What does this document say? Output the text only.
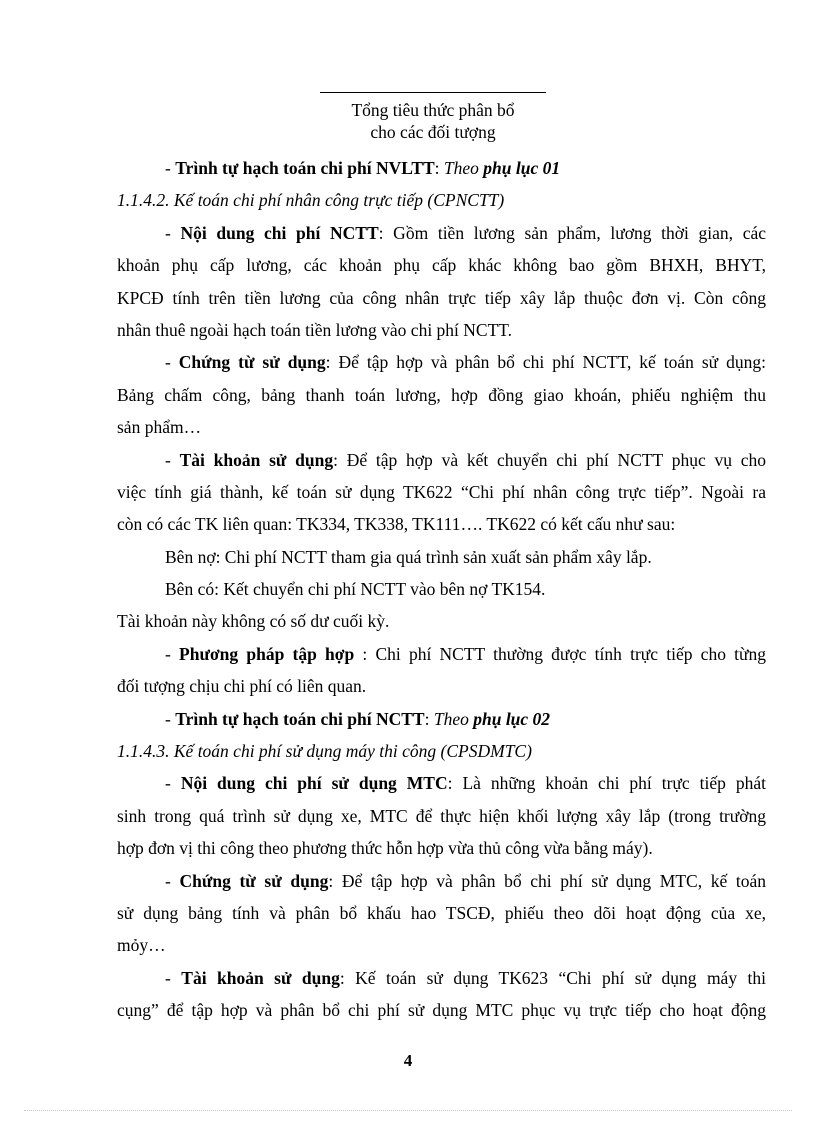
Tổng tiêu thức phân bổ
cho các đối tượng
- Trình tự hạch toán chi phí NVLTT: Theo phụ lục 01
1.1.4.2. Kế toán chi phí nhân công trực tiếp (CPNCTT)
- Nội dung chi phí NCTT: Gồm tiền lương sản phẩm, lương thời gian, các
khoản phụ cấp lương, các khoản phụ cấp khác không bao gồm BHXH, BHYT,
KPCĐ tính trên tiền lương của công nhân trực tiếp xây lắp thuộc đơn vị. Còn công
nhân thuê ngoài hạch toán tiền lương vào chi phí NCTT.
- Chứng từ sử dụng: Để tập hợp và phân bổ chi phí NCTT, kế toán sử dụng:
Bảng chấm công, bảng thanh toán lương, hợp đồng giao khoán, phiếu nghiệm thu
sản phẩm…
- Tài khoản sử dụng: Để tập hợp và kết chuyển chi phí NCTT phục vụ cho
việc tính giá thành, kế toán sử dụng TK622 “Chi phí nhân công trực tiếp”. Ngoài ra
còn có các TK liên quan: TK334, TK338, TK111…. TK622 có kết cấu như sau:
Bên nợ: Chi phí NCTT tham gia quá trình sản xuất sản phẩm xây lắp.
Bên có: Kết chuyển chi phí NCTT vào bên nợ TK154.
Tài khoản này không có số dư cuối kỳ.
- Phương pháp tập hợp : Chi phí NCTT thường được tính trực tiếp cho từng
đối tượng chịu chi phí có liên quan.
- Trình tự hạch toán chi phí NCTT: Theo phụ lục 02
1.1.4.3. Kế toán chi phí sử dụng máy thi công (CPSDMTC)
- Nội dung chi phí sử dụng MTC: Là những khoản chi phí trực tiếp phát
sinh trong quá trình sử dụng xe, MTC để thực hiện khối lượng xây lắp (trong trường
hợp đơn vị thi công theo phương thức hỗn hợp vừa thủ công vừa bằng máy).
- Chứng từ sử dụng: Để tập hợp và phân bổ chi phí sử dụng MTC, kế toán
sử dụng bảng tính và phân bổ khấu hao TSCĐ, phiếu theo dõi hoạt động của xe,
mỏy…
- Tài khoản sử dụng: Kế toán sử dụng TK623 “Chi phí sử dụng máy thi
cụng” để tập hợp và phân bổ chi phí sử dụng MTC phục vụ trực tiếp cho hoạt động
4
